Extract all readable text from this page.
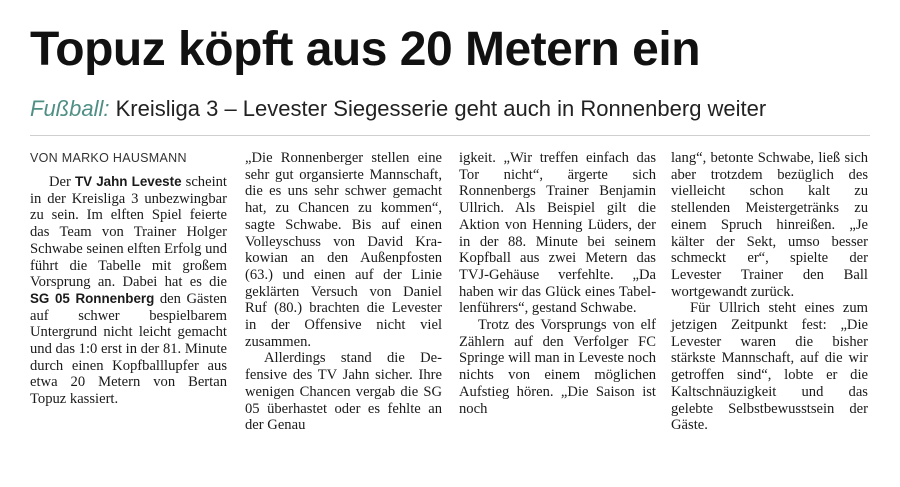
Topuz köpft aus 20 Metern ein
Fußball: Kreisliga 3 – Levester Siegesserie geht auch in Ronnenberg weiter
VON MARKO HAUSMANN

Der TV Jahn Leveste scheint in der Kreisliga 3 unbezwingbar zu sein. Im elften Spiel feierte das Team von Trainer Holger Schwabe seinen elften Erfolg und führt die Tabelle mit großem Vorsprung an. Dabei hat es die SG 05 Ronnenberg den Gästen auf schwer bespielbarem Untergrund nicht leicht gemacht und das 1:0 erst in der 81. Minute durch einen Kopfballlupfer aus etwa 20 Metern von Bertan Topuz kassiert.

„Die Ronnenberger stellen eine sehr gut organsierte Mannschaft, die es uns sehr schwer gemacht hat, zu Chancen zu kommen“, sagte Schwabe. Bis auf einen Volleyschuss von David Krakowian an den Außenpfosten (63.) und einen auf der Linie geklärten Versuch von Daniel Ruf (80.) brachten die Levester in der Offensive nicht viel zusammen.

Allerdings stand die Defensive des TV Jahn sicher. Ihre wenigen Chancen vergab die SG 05 überhastet oder es fehlte an der Genau

igkeit. „Wir treffen einfach das Tor nicht“, ärgerte sich Ronnenbergs Trainer Benjamin Ullrich. Als Beispiel gilt die Aktion von Henning Lüders, der in der 88. Minute bei seinem Kopfball aus zwei Metern das TVJ-Gehäuse verfehlte. „Da haben wir das Glück eines Tabellenführers“, gestand Schwabe.

Trotz des Vorsprungs von elf Zählern auf den Verfolger FC Springe will man in Leveste noch nichts von einem möglichen Aufstieg hören. „Die Saison ist noch

lang“, betonte Schwabe, ließ sich aber trotzdem bezüglich des vielleicht schon kalt zu stellenden Meistergetränks zu einem Spruch hinreißen. „Je kälter der Sekt, umso besser schmeckt er“, spielte der Levester Trainer den Ball wortgewandt zurück.

Für Ullrich steht eines zum jetzigen Zeitpunkt fest: „Die Levester waren die bisher stärkste Mannschaft, auf die wir getroffen sind“, lobte er die Kaltschnäuzigkeit und das gelebte Selbstbewusstsein der Gäste.
